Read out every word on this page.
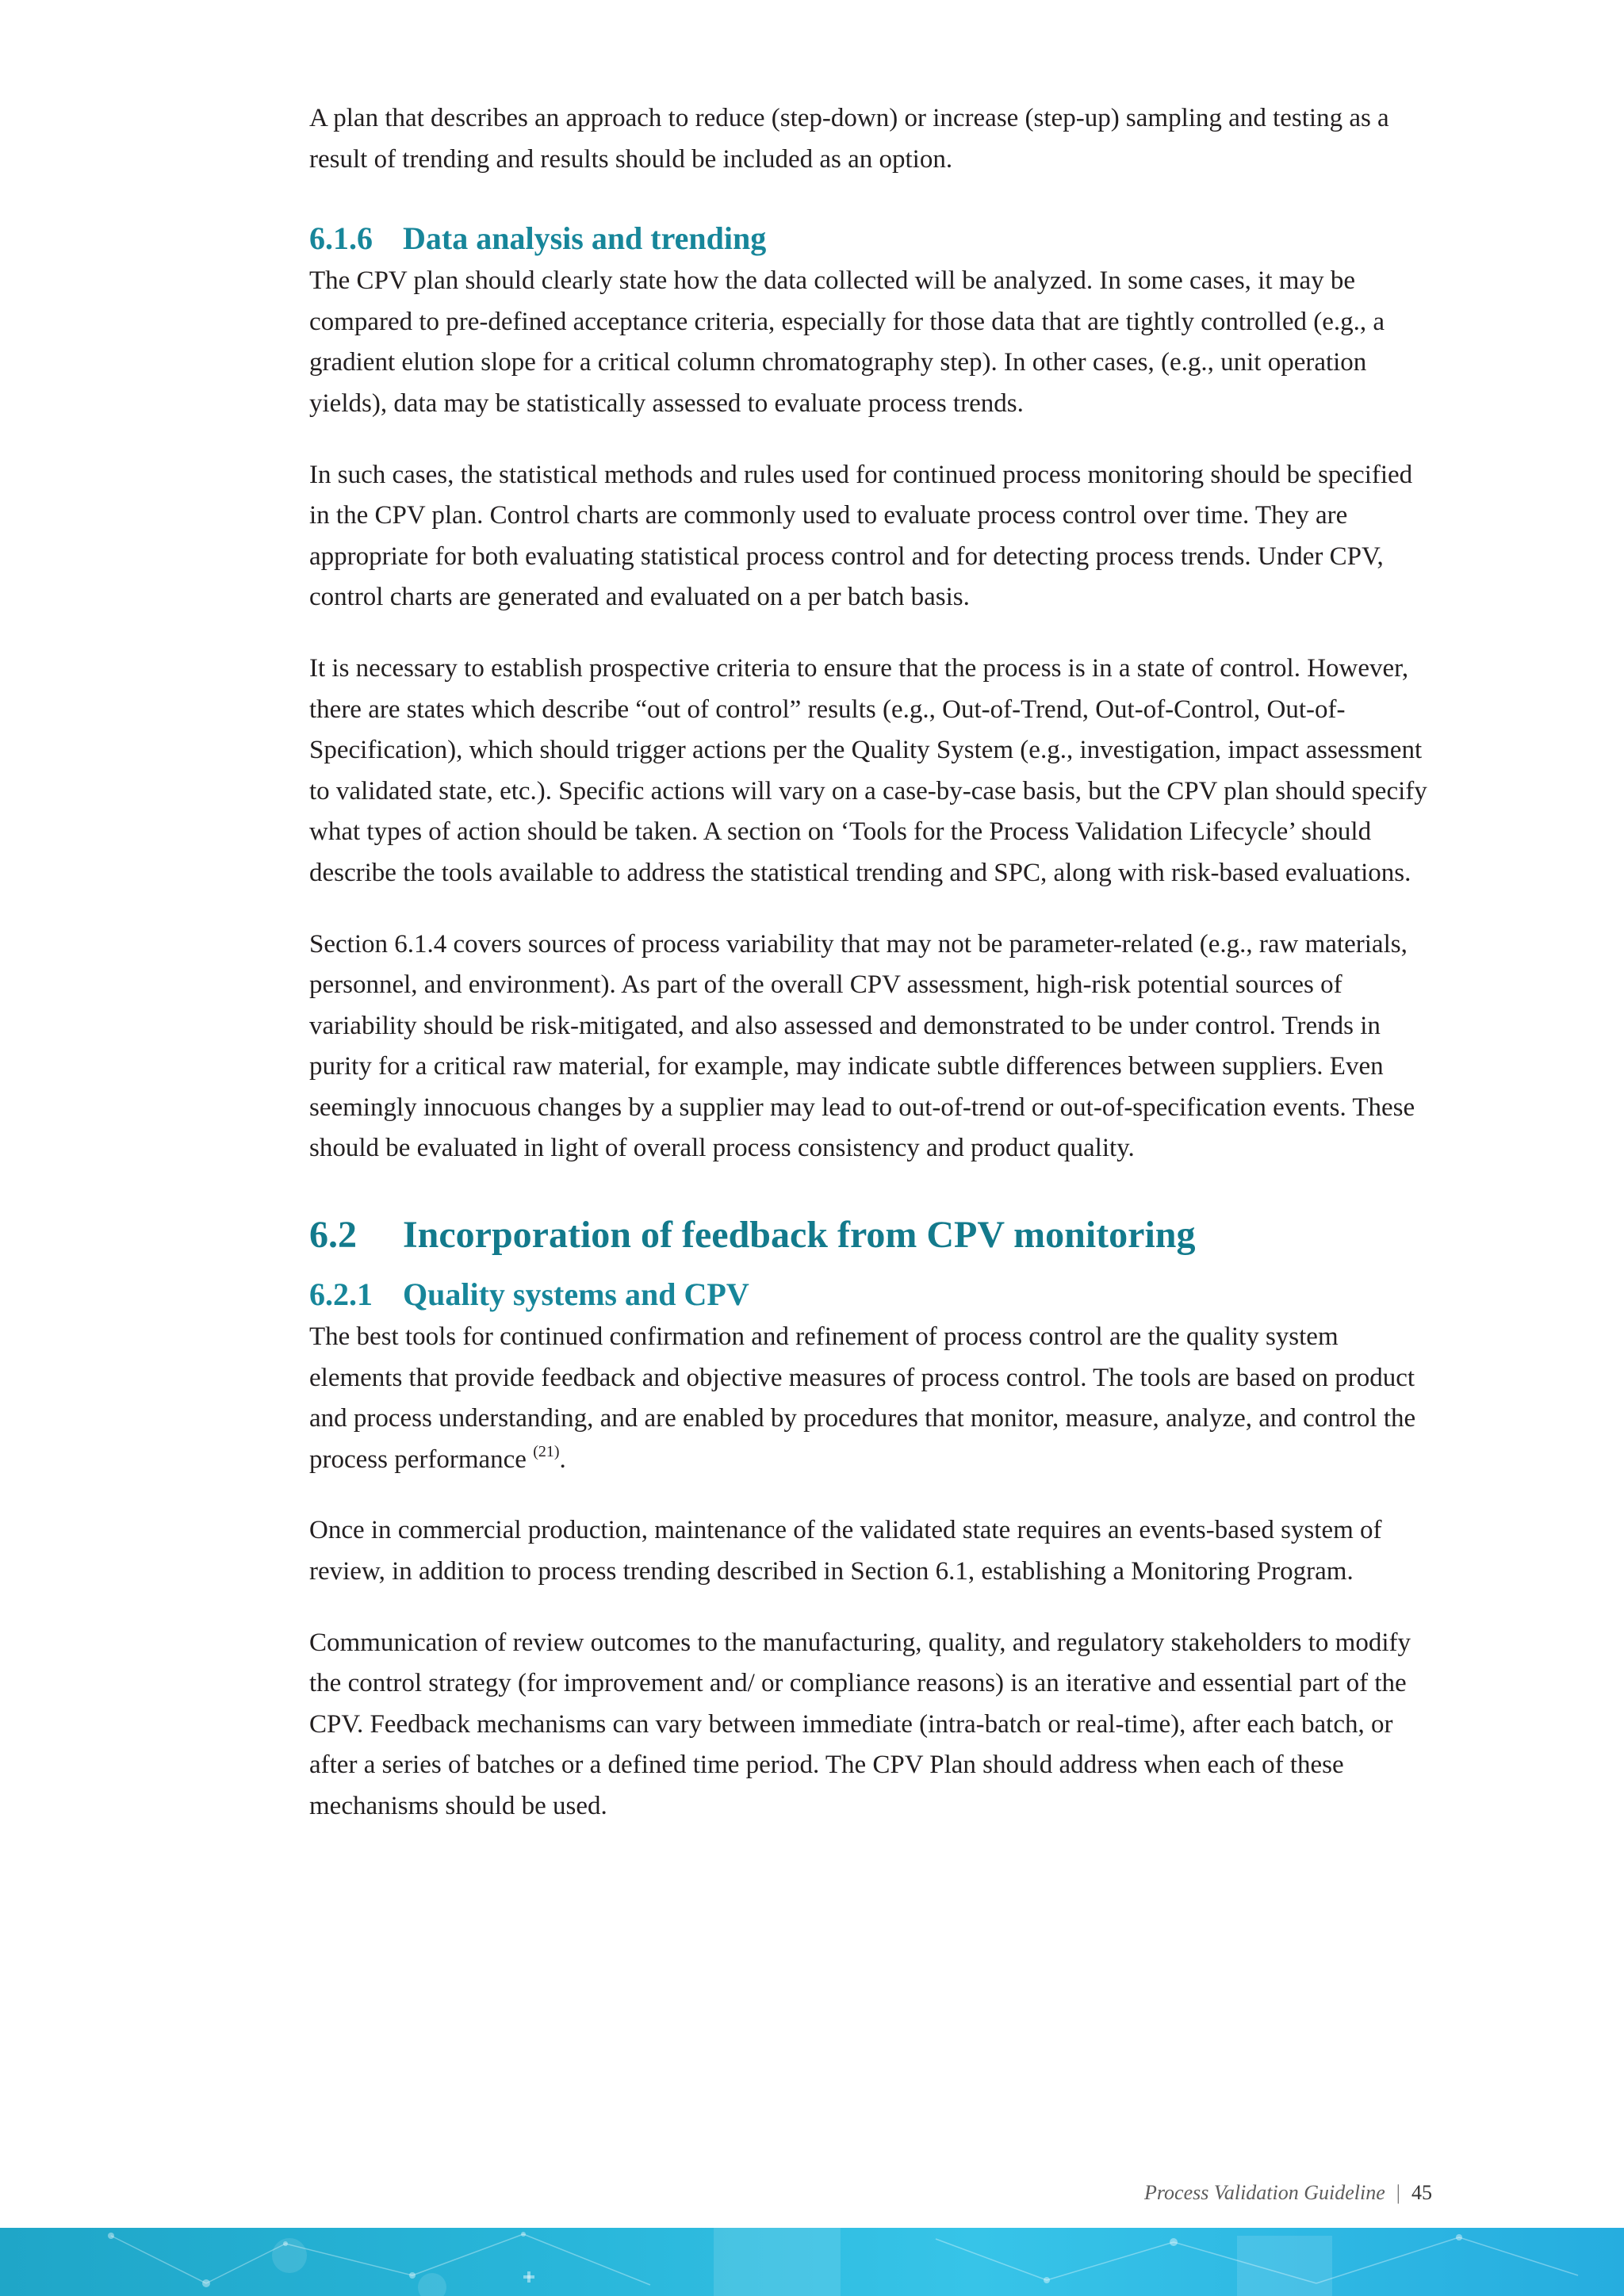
A plan that describes an approach to reduce (step-down) or increase (step-up) sampling and testing as a result of trending and results should be included as an option.

6.1.6 Data analysis and trending

The CPV plan should clearly state how the data collected will be analyzed. In some cases, it may be compared to pre-defined acceptance criteria, especially for those data that are tightly controlled (e.g., a gradient elution slope for a critical column chromatography step). In other cases, (e.g., unit operation yields), data may be statistically assessed to evaluate process trends.

In such cases, the statistical methods and rules used for continued process monitoring should be specified in the CPV plan. Control charts are commonly used to evaluate process control over time. They are appropriate for both evaluating statistical process control and for detecting process trends. Under CPV, control charts are generated and evaluated on a per batch basis.

It is necessary to establish prospective criteria to ensure that the process is in a state of control. However, there are states which describe “out of control” results (e.g., Out-of-Trend, Out-of-Control, Out-of-Specification), which should trigger actions per the Quality System (e.g., investigation, impact assessment to validated state, etc.). Specific actions will vary on a case-by-case basis, but the CPV plan should specify what types of action should be taken. A section on ‘Tools for the Process Validation Lifecycle’ should describe the tools available to address the statistical trending and SPC, along with risk-based evaluations.

Section 6.1.4 covers sources of process variability that may not be parameter-related (e.g., raw materials, personnel, and environment). As part of the overall CPV assessment, high-risk potential sources of variability should be risk-mitigated, and also assessed and demonstrated to be under control. Trends in purity for a critical raw material, for example, may indicate subtle differences between suppliers. Even seemingly innocuous changes by a supplier may lead to out-of-trend or out-of-specification events. These should be evaluated in light of overall process consistency and product quality.

6.2 Incorporation of feedback from CPV monitoring
6.2.1 Quality systems and CPV

The best tools for continued confirmation and refinement of process control are the quality system elements that provide feedback and objective measures of process control. The tools are based on product and process understanding, and are enabled by procedures that monitor, measure, analyze, and control the process performance $^{(21)}$.

Once in commercial production, maintenance of the validated state requires an events-based system of review, in addition to process trending described in Section 6.1, establishing a Monitoring Program.

Communication of review outcomes to the manufacturing, quality, and regulatory stakeholders to modify the control strategy (for improvement and/ or compliance reasons) is an iterative and essential part of the CPV. Feedback mechanisms can vary between immediate (intra-batch or real-time), after each batch, or after a series of batches or a defined time period. The CPV Plan should address when each of these mechanisms should be used.

Process Validation Guideline | 45
